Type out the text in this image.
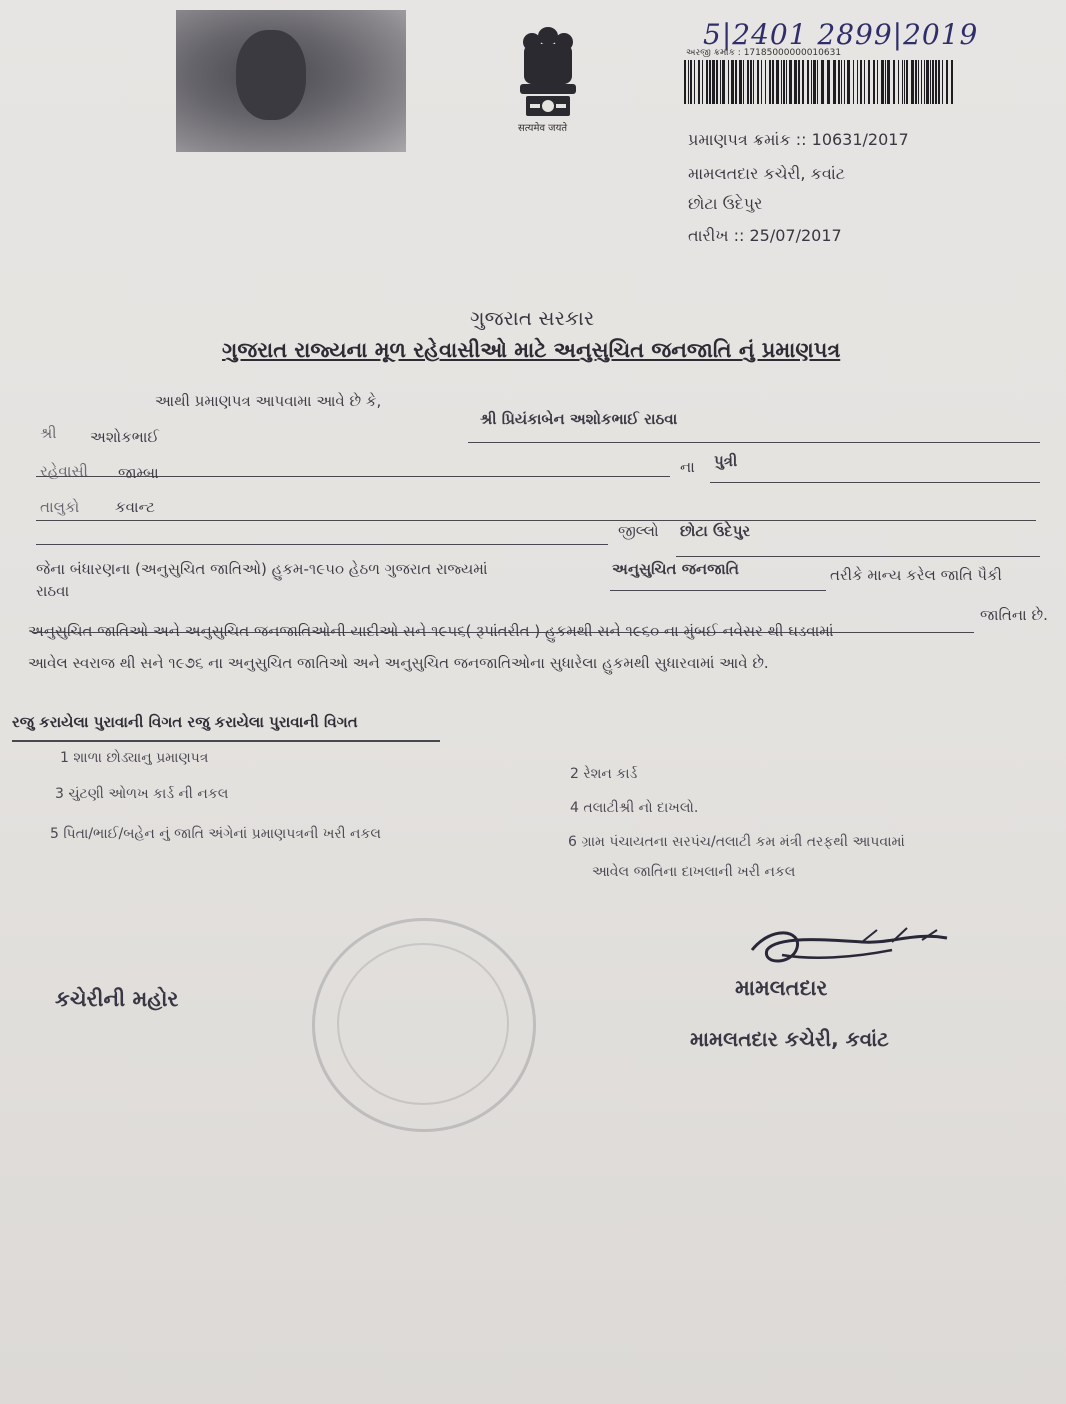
सत्यमेव जयते
5|2401 2899|2019
અરજી ક્રમાંક : 17185000000010631
પ્રમાણપત્ર ક્રમાંક :: 10631/2017
મામલતદાર કચેરી, કવાંટ
છોટા ઉદેપુર
તારીખ :: 25/07/2017
ગુજરાત સરકાર
ગુજરાત રાજ્યના મૂળ રહેવાસીઓ માટે અનુસુચિત જનજાતિ નું પ્રમાણપત્ર
આથી પ્રમાણપત્ર આપવામા આવે છે કે,
શ્રી પ્રિયંકાબેન અશોકભાઈ રાઠવા
શ્રી અશોકભાઈ
ના પુત્રી
રહેવાસી જામ્બા
તાલુકો કવાન્ટ
જીલ્લો છોટા ઉદેપુર
જેના બંધારણના (અનુસુચિત જાતિઓ) હુકમ-૧૯૫૦ હેઠળ ગુજરાત રાજ્યમાં	અનુસુચિત જનજાતિ	તરીકે માન્ય કરેલ જાતિ પૈકી
રાઠવા
જાતિના છે.
અનુસુચિત જાતિઓ અને અનુસુચિત જનજાતિઓની યાદીઓ સને ૧૯૫૬( રૂપાંતરીત ) હુકમથી સને ૧૯૬૦ ના મુંબઈ નવેસર થી ઘડવામાં
આવેલ સ્વરાજ થી સને ૧૯૭૬ ના અનુસુચિત જાતિઓ અને અનુસુચિત જનજાતિઓના સુધારેલા હુકમથી સુધારવામાં આવે છે.
રજુ કરાયેલા પુરાવાની વિગત રજુ કરાયેલા પુરાવાની વિગત
1 શાળા છોડ્યાનુ પ્રમાણપત્ર
2 રેશન કાર્ડ
3 ચુંટણી ઓળખ કાર્ડ ની નકલ
4 તલાટીશ્રી નો દાખલો.
5 પિતા/ભાઈ/બહેન નું જાતિ અંગેનાં પ્રમાણપત્રની ખરી નકલ	6 ગ્રામ પંચાયતના સરપંચ/તલાટી કમ મંત્રી તરફથી આપવામાં
આવેલ જાતિના દાખલાની ખરી નકલ
કચેરીની મહોર	મામલતદાર
મામલતદાર કચેરી, કવાંટ
